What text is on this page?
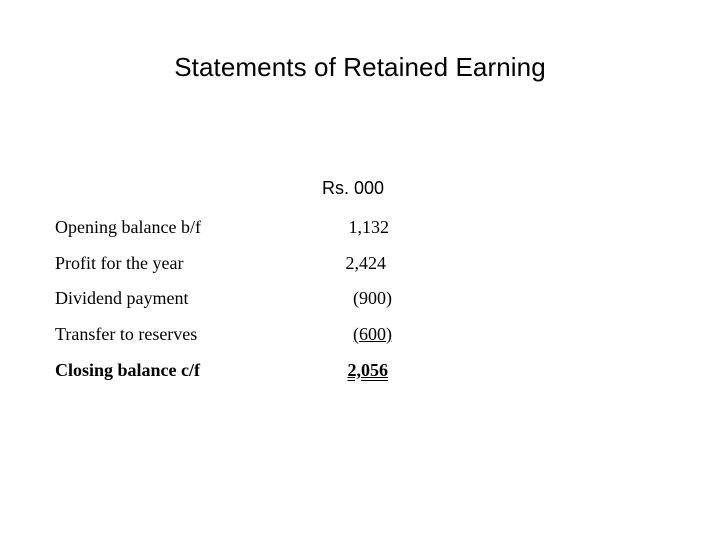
Statements of Retained Earning
Rs. 000
Opening balance b/f	1,132
Profit for the year	2,424
Dividend payment	(900)
Transfer to reserves	(600)
Closing balance c/f	2,056
